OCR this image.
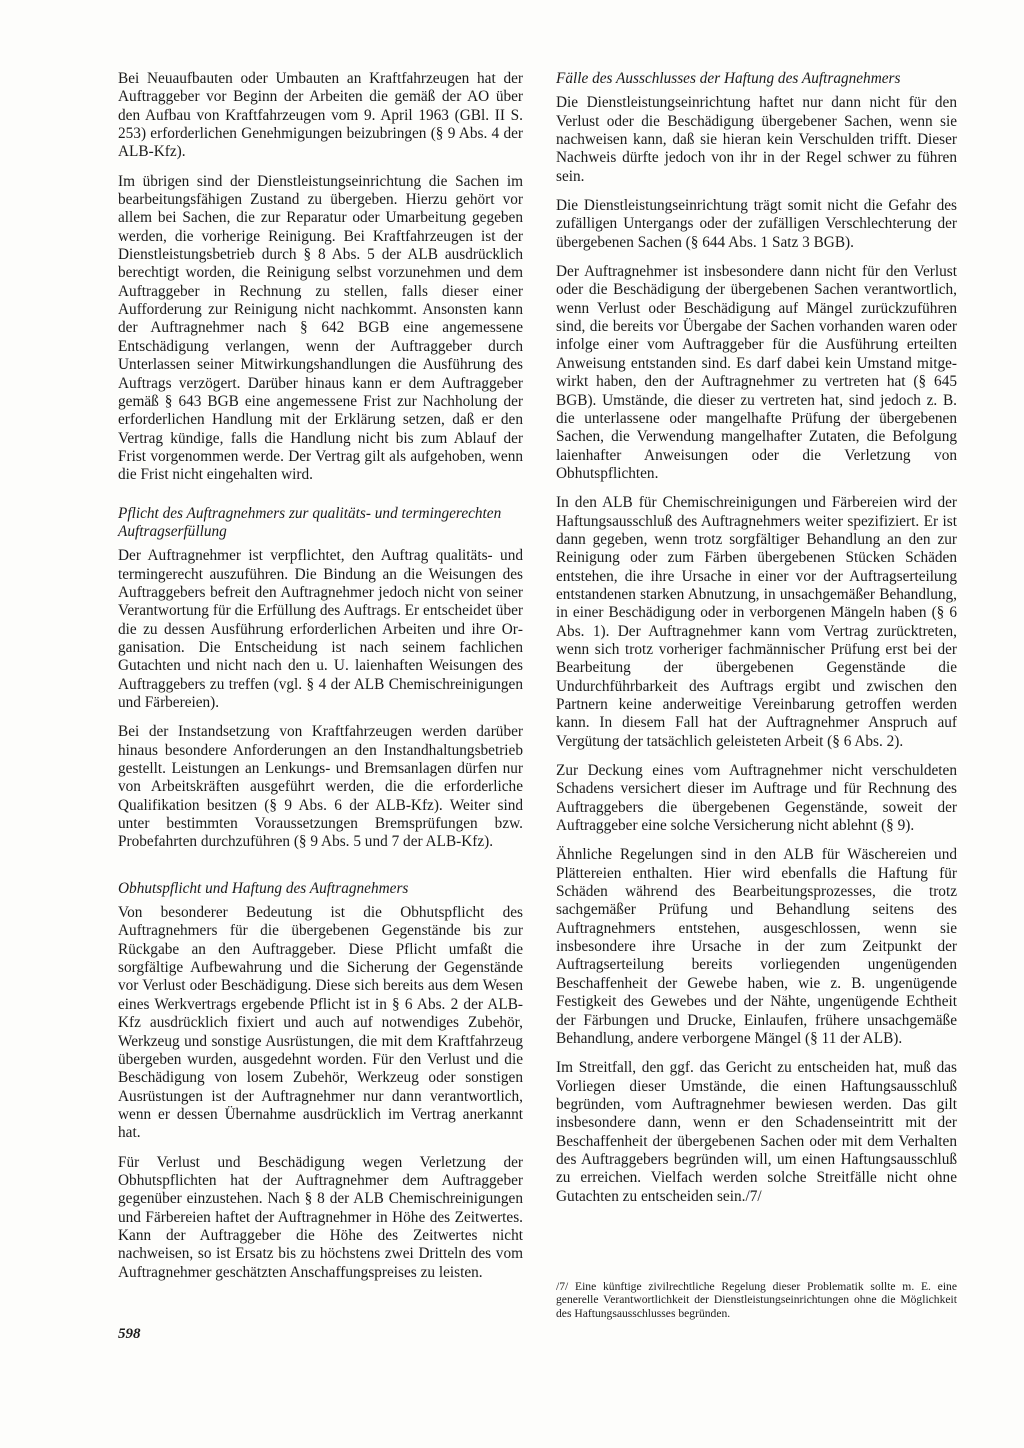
Bei Neuaufbauten oder Umbauten an Kraftfahrzeugen hat der Auftraggeber vor Beginn der Arbeiten die gemäß der AO über den Aufbau von Kraftfahrzeugen vom 9. April 1963 (GBl. II S. 253) erforderlichen Genehmigungen beizubringen (§ 9 Abs. 4 der ALB-Kfz).

Im übrigen sind der Dienstleistungseinrichtung die Sachen im bearbeitungsfähigen Zustand zu übergeben. Hierzu gehört vor allem bei Sachen, die zur Reparatur oder Umarbeitung gegeben werden, die vorherige Reinigung. Bei Kraftfahrzeugen ist der Dienstleistungsbetrieb durch § 8 Abs. 5 der ALB ausdrücklich berechtigt worden, die Reinigung selbst vorzunehmen und dem Auftraggeber in Rechnung zu stellen, falls dieser einer Aufforderung zur Reinigung nicht nachkommt. Ansonsten kann der Auftragnehmer nach § 642 BGB eine angemessene Entschädigung verlangen, wenn der Auftraggeber durch Unterlassen seiner Mitwirkungshandlungen die Ausführung des Auftrags verzögert. Darüber hinaus kann er dem Auftraggeber gemäß § 643 BGB eine angemessene Frist zur Nachholung der erforderlichen Handlung mit der Erklärung setzen, daß er den Vertrag kündige, falls die Handlung nicht bis zum Ablauf der Frist vorgenommen werde. Der Vertrag gilt als aufgehoben, wenn die Frist nicht eingehalten wird.

Pflicht des Auftragnehmers zur qualitäts- und termingerechten Auftragserfüllung

Der Auftragnehmer ist verpflichtet, den Auftrag qualitäts- und termingerecht auszuführen. Die Bindung an die Weisungen des Auftraggebers befreit den Auftragnehmer jedoch nicht von seiner Verantwortung für die Erfüllung des Auftrags. Er entscheidet über die zu dessen Ausführung erforderlichen Arbeiten und ihre Organisation. Die Entscheidung ist nach seinem fachlichen Gutachten und nicht nach den u. U. laienhaften Weisungen des Auftraggebers zu treffen (vgl. § 4 der ALB Chemischreinigungen und Färbereien).

Bei der Instandsetzung von Kraftfahrzeugen werden darüber hinaus besondere Anforderungen an den Instandhaltungsbetrieb gestellt. Leistungen an Lenkungs- und Bremsanlagen dürfen nur von Arbeitskräften ausgeführt werden, die die erforderliche Qualifikation besitzen (§ 9 Abs. 6 der ALB-Kfz). Weiter sind unter bestimmten Voraussetzungen Bremsprüfungen bzw. Probefahrten durchzuführen (§ 9 Abs. 5 und 7 der ALB-Kfz).

Obhutspflicht und Haftung des Auftragnehmers

Von besonderer Bedeutung ist die Obhutspflicht des Auftragnehmers für die übergebenen Gegenstände bis zur Rückgabe an den Auftraggeber. Diese Pflicht umfaßt die sorgfältige Aufbewahrung und die Sicherung der Gegenstände vor Verlust oder Beschädigung. Diese sich bereits aus dem Wesen eines Werkvertrags ergebende Pflicht ist in § 6 Abs. 2 der ALB-Kfz ausdrücklich fixiert und auch auf notwendiges Zubehör, Werkzeug und sonstige Ausrüstungen, die mit dem Kraftfahrzeug übergeben wurden, ausgedehnt worden. Für den Verlust und die Beschädigung von losem Zubehör, Werkzeug oder sonstigen Ausrüstungen ist der Auftragnehmer nur dann verantwortlich, wenn er dessen Übernahme ausdrücklich im Vertrag anerkannt hat.

Für Verlust und Beschädigung wegen Verletzung der Obhutspflichten hat der Auftragnehmer dem Auftraggeber gegenüber einzustehen. Nach § 8 der ALB Chemischreinigungen und Färbereien haftet der Auftragnehmer in Höhe des Zeitwertes. Kann der Auftraggeber die Höhe des Zeitwertes nicht nachweisen, so ist Ersatz bis zu höchstens zwei Dritteln des vom Auftragnehmer geschätzten Anschaffungspreises zu leisten.

Fälle des Ausschlusses der Haftung des Auftragnehmers

Die Dienstleistungseinrichtung haftet nur dann nicht für den Verlust oder die Beschädigung übergebener Sachen, wenn sie nachweisen kann, daß sie hieran kein Verschulden trifft. Dieser Nachweis dürfte jedoch von ihr in der Regel schwer zu führen sein.

Die Dienstleistungseinrichtung trägt somit nicht die Gefahr des zufälligen Untergangs oder der zufälligen Verschlechterung der übergebenen Sachen (§ 644 Abs. 1 Satz 3 BGB).

Der Auftragnehmer ist insbesondere dann nicht für den Verlust oder die Beschädigung der übergebenen Sachen verantwortlich, wenn Verlust oder Beschädigung auf Mängel zurückzuführen sind, die bereits vor Übergabe der Sachen vorhanden waren oder infolge einer vom Auftraggeber für die Ausführung erteilten Anweisung entstanden sind. Es darf dabei kein Umstand mitgewirkt haben, den der Auftragnehmer zu vertreten hat (§ 645 BGB). Umstände, die dieser zu vertreten hat, sind jedoch z. B. die unterlassene oder mangelhafte Prüfung der übergebenen Sachen, die Verwendung mangelhafter Zutaten, die Befolgung laienhafter Anweisungen oder die Verletzung von Obhutspflichten.

In den ALB für Chemischreinigungen und Färbereien wird der Haftungsausschluß des Auftragnehmers weiter spezifiziert. Er ist dann gegeben, wenn trotz sorgfältiger Behandlung an den zur Reinigung oder zum Färben übergebenen Stücken Schäden entstehen, die ihre Ursache in einer vor der Auftragserteilung entstandenen starken Abnutzung, in unsachgemäßer Behandlung, in einer Beschädigung oder in verborgenen Mängeln haben (§ 6 Abs. 1). Der Auftragnehmer kann vom Vertrag zurücktreten, wenn sich trotz vorheriger fachmännischer Prüfung erst bei der Bearbeitung der übergebenen Gegenstände die Undurchführbarkeit des Auftrags ergibt und zwischen den Partnern keine anderweitige Vereinbarung getroffen werden kann. In diesem Fall hat der Auftragnehmer Anspruch auf Vergütung der tatsächlich geleisteten Arbeit (§ 6 Abs. 2).

Zur Deckung eines vom Auftragnehmer nicht verschuldeten Schadens versichert dieser im Auftrage und für Rechnung des Auftraggebers die übergebenen Gegenstände, soweit der Auftraggeber eine solche Versicherung nicht ablehnt (§ 9).

Ähnliche Regelungen sind in den ALB für Wäschereien und Plättereien enthalten. Hier wird ebenfalls die Haftung für Schäden während des Bearbeitungsprozesses, die trotz sachgemäßer Prüfung und Behandlung seitens des Auftragnehmers entstehen, ausgeschlossen, wenn sie insbesondere ihre Ursache in der zum Zeitpunkt der Auftragserteilung bereits vorliegenden ungenügenden Beschaffenheit der Gewebe haben, wie z. B. ungenügende Festigkeit des Gewebes und der Nähte, ungenügende Echtheit der Färbungen und Drucke, Einlaufen, frühere unsachgemäße Behandlung, andere verborgene Mängel (§ 11 der ALB).

Im Streitfall, den ggf. das Gericht zu entscheiden hat, muß das Vorliegen dieser Umstände, die einen Haftungsausschluß begründen, vom Auftragnehmer bewiesen werden. Das gilt insbesondere dann, wenn er den Schadenseintritt mit der Beschaffenheit der übergebenen Sachen oder mit dem Verhalten des Auftraggebers begründen will, um einen Haftungsausschluß zu erreichen. Vielfach werden solche Streitfälle nicht ohne Gutachten zu entscheiden sein./7/

/7/ Eine künftige zivilrechtliche Regelung dieser Problematik sollte m. E. eine generelle Verantwortlichkeit der Dienstleistungseinrichtungen ohne die Möglichkeit des Haftungsausschlusses begründen.

598
